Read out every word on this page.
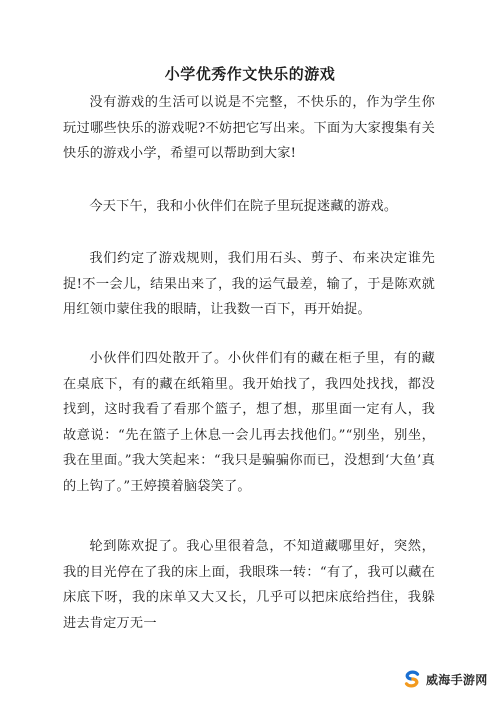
小学优秀作文快乐的游戏

没有游戏的生活可以说是不完整，不快乐的，作为学生你玩过哪些快乐的游戏呢?不妨把它写出来。下面为大家搜集有关快乐的游戏小学，希望可以帮助到大家!

今天下午，我和小伙伴们在院子里玩捉迷藏的游戏。

我们约定了游戏规则，我们用石头、剪子、布来决定谁先捉!不一会儿，结果出来了，我的运气最差，输了，于是陈欢就用红领巾蒙住我的眼睛，让我数一百下，再开始捉。

小伙伴们四处散开了。小伙伴们有的藏在柜子里，有的藏在桌底下，有的藏在纸箱里。我开始找了，我四处找找，都没找到，这时我看了看那个篮子，想了想，那里面一定有人，我故意说：“先在篮子上休息一会儿再去找他们。”“别坐，别坐，我在里面。”我大笑起来：“我只是骗骗你而已，没想到‘大鱼’真的上钩了。”王婷摸着脑袋笑了。

轮到陈欢捉了。我心里很着急，不知道藏哪里好，突然，我的目光停在了我的床上面，我眼珠一转：“有了，我可以藏在床底下呀，我的床单又大又长，几乎可以把床底给挡住，我躲进去肯定万无一

威海手游网
